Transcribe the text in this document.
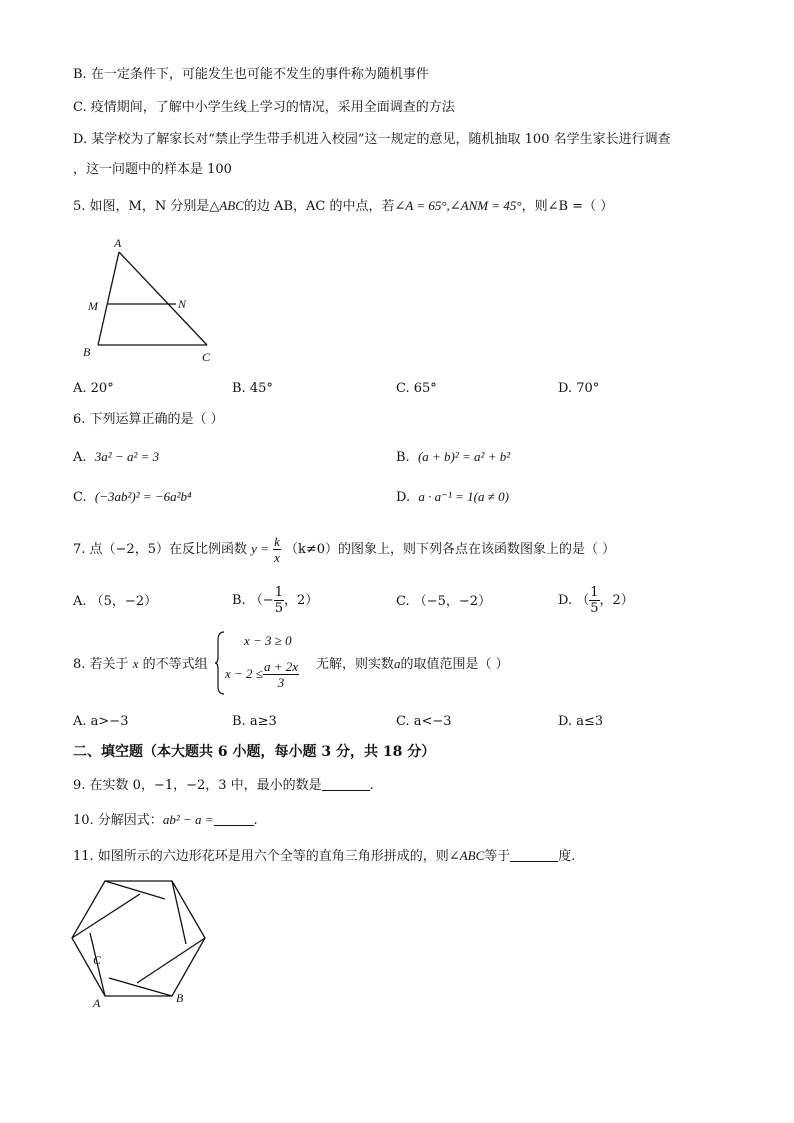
B. 在一定条件下，可能发生也可能不发生的事件称为随机事件
C. 疫情期间，了解中小学生线上学习的情况，采用全面调查的方法
D. 某学校为了解家长对“禁止学生带手机进入校园”这一规定的意见，随机抽取 100 名学生家长进行调查
，这一问题中的样本是 100
5. 如图，M，N 分别是△ABC的边 AB，AC 的中点，若∠A = 65°,∠ANM = 45°，则∠B =（ ）
A
M	N
B	C
A. 20°	B. 45°	C. 65°	D. 70°
6. 下列运算正确的是（ ）
A. 3a² − a² = 3	B. (a + b)² = a² + b²
C. (−3ab²)² = −6a²b⁴	D. a · a⁻¹ = 1(a ≠ 0)
7. 点（−2，5）在反比例函数 $y = \frac{k}{x} (k\ne 0)$的图象上，则下列各点在该函数图象上的是（ ）
A. （5，−2）	B. （− $\frac{1}{5}$ ，2）	C. （−5，−2）	D. （ $\frac{1}{5}$ ，2）
8. 若关于 x 的不等式组
x − 3 ≥ 0
$x - 2 \le \frac{a + 2x}{3}$ 无解，则实数a的取值范围是（ ）
A. a>−3	B. a≥3	C. a<−3	D. a≤3
二、填空题（本大题共 6 小题，每小题 3 分，共 18 分）
9. 在实数 0，−1，−2，3 中，最小的数是	.
10. 分解因式：ab² − a =	.
11. 如图所示的六边形花环是用六个全等的直角三角形拼成的，则∠ABC等于	度.
C
A	B
